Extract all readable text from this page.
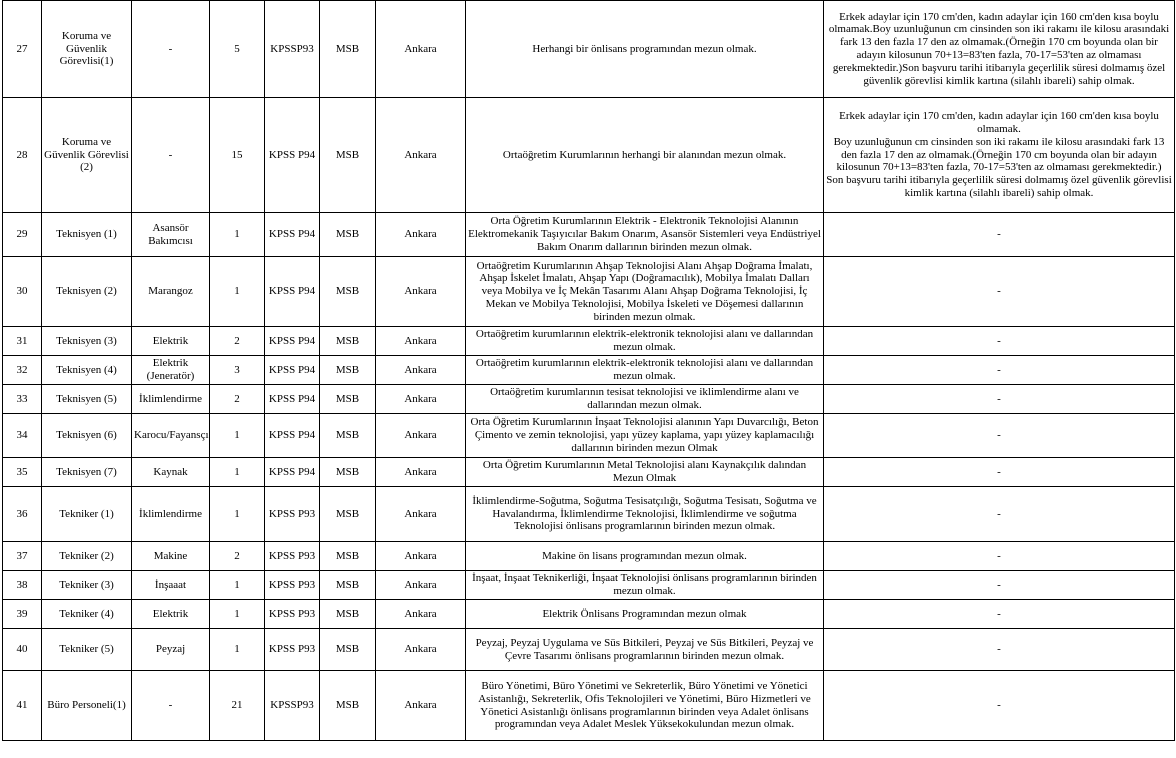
27	Koruma ve Güvenlik Görevlisi(1)	-	5	KPSSP93	MSB	Ankara	Herhangi bir önlisans programından mezun olmak.	Erkek adaylar için 170 cm'den, kadın adaylar için 160 cm'den kısa boylu olmamak.Boy uzunluğunun cm cinsinden son iki rakamı ile kilosu arasındaki fark 13 den fazla 17 den az olmamak.(Örneğin 170 cm boyunda olan bir adayın kilosunun 70+13=83'ten fazla, 70-17=53'ten az olmaması gerekmektedir.)Son başvuru tarihi itibarıyla geçerlilik süresi dolmamış özel güvenlik görevlisi kimlik kartına (silahlı ibareli) sahip olmak.
28	Koruma ve Güvenlik Görevlisi (2)	-	15	KPSS P94	MSB	Ankara	Ortaöğretim Kurumlarının herhangi bir alanından mezun olmak.	Erkek adaylar için 170 cm'den, kadın adaylar için 160 cm'den kısa boylu olmamak.
Boy uzunluğunun cm cinsinden son iki rakamı ile kilosu arasındaki fark 13 den fazla 17 den az olmamak.(Örneğin 170 cm boyunda olan bir adayın kilosunun 70+13=83'ten fazla, 70-17=53'ten az olmaması gerekmektedir.)
Son başvuru tarihi itibarıyla geçerlilik süresi dolmamış özel güvenlik görevlisi kimlik kartına (silahlı ibareli) sahip olmak.
29	Teknisyen (1)	Asansör Bakımcısı	1	KPSS P94	MSB	Ankara	Orta Öğretim Kurumlarının Elektrik - Elektronik Teknolojisi Alanının Elektromekanik Taşıyıcılar Bakım Onarım, Asansör Sistemleri veya Endüstriyel Bakım Onarım dallarının birinden mezun olmak.	-
30	Teknisyen (2)	Marangoz	1	KPSS P94	MSB	Ankara	Ortaöğretim Kurumlarının Ahşap Teknolojisi Alanı Ahşap Doğrama İmalatı, Ahşap İskelet İmalatı, Ahşap Yapı (Doğramacılık), Mobilya İmalatı Dalları veya Mobilya ve İç Mekân Tasarımı Alanı Ahşap Doğrama Teknolojisi, İç Mekan ve Mobilya Teknolojisi, Mobilya İskeleti ve Döşemesi dallarının birinden mezun olmak.	-
31	Teknisyen (3)	Elektrik	2	KPSS P94	MSB	Ankara	Ortaöğretim kurumlarının elektrik-elektronik teknolojisi alanı ve dallarından mezun olmak.	-
32	Teknisyen (4)	Elektrik (Jeneratör)	3	KPSS P94	MSB	Ankara	Ortaöğretim kurumlarının elektrik-elektronik teknolojisi alanı ve dallarından mezun olmak.	-
33	Teknisyen (5)	İklimlendirme	2	KPSS P94	MSB	Ankara	Ortaöğretim kurumlarının tesisat teknolojisi ve iklimlendirme alanı ve dallarından mezun olmak.	-
34	Teknisyen (6)	Karocu/Fayansçı	1	KPSS P94	MSB	Ankara	Orta Öğretim Kurumlarının İnşaat Teknolojisi alanının Yapı Duvarcılığı, Beton Çimento ve zemin teknolojisi, yapı yüzey kaplama, yapı yüzey kaplamacılığı dallarının birinden mezun Olmak	-
35	Teknisyen (7)	Kaynak	1	KPSS P94	MSB	Ankara	Orta Öğretim Kurumlarının Metal Teknolojisi alanı Kaynakçılık dalından Mezun Olmak	-
36	Tekniker (1)	İklimlendirme	1	KPSS P93	MSB	Ankara	İklimlendirme-Soğutma, Soğutma Tesisatçılığı, Soğutma Tesisatı, Soğutma ve Havalandırma, İklimlendirme Teknolojisi, İklimlendirme ve soğutma Teknolojisi önlisans programlarının birinden mezun olmak.	-
37	Tekniker (2)	Makine	2	KPSS P93	MSB	Ankara	Makine ön lisans programından mezun olmak.	-
38	Tekniker (3)	İnşaaat	1	KPSS P93	MSB	Ankara	İnşaat, İnşaat Teknikerliği, İnşaat Teknolojisi önlisans programlarının birinden mezun olmak.	-
39	Tekniker (4)	Elektrik	1	KPSS P93	MSB	Ankara	Elektrik Önlisans Programından mezun olmak	-
40	Tekniker (5)	Peyzaj	1	KPSS P93	MSB	Ankara	Peyzaj, Peyzaj Uygulama ve Süs Bitkileri, Peyzaj ve Süs Bitkileri, Peyzaj ve Çevre Tasarımı önlisans programlarının birinden mezun olmak.	-
41	Büro Personeli(1)	-	21	KPSSP93	MSB	Ankara	Büro Yönetimi, Büro Yönetimi ve Sekreterlik, Büro Yönetimi ve Yönetici Asistanlığı, Sekreterlik, Ofis Teknolojileri ve Yönetimi, Büro Hizmetleri ve Yönetici Asistanlığı önlisans programlarının birinden veya Adalet önlisans programından veya Adalet Meslek Yüksekokulundan mezun olmak.	-
